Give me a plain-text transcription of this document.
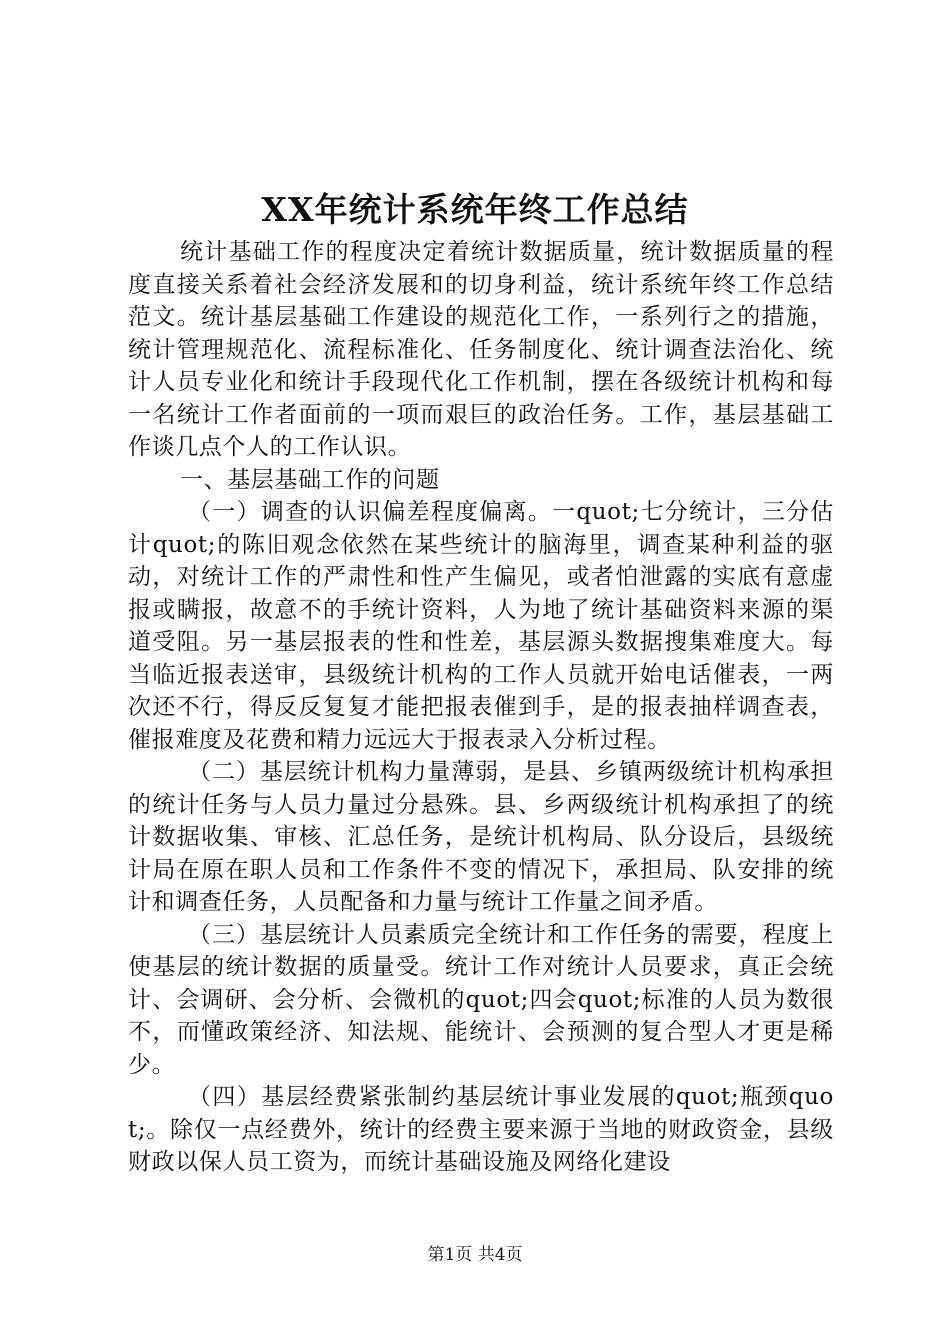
XX年统计系统年终工作总结

统计基础工作的程度决定着统计数据质量，统计数据质量的程度直接关系着社会经济发展和的切身利益，统计系统年终工作总结范文。统计基层基础工作建设的规范化工作，一系列行之的措施，统计管理规范化、流程标准化、任务制度化、统计调查法治化、统计人员专业化和统计手段现代化工作机制，摆在各级统计机构和每一名统计工作者面前的一项而艰巨的政治任务。工作，基层基础工作谈几点个人的工作认识。

一、基层基础工作的问题

（一）调查的认识偏差程度偏离。一quot;七分统计，三分估计quot;的陈旧观念依然在某些统计的脑海里，调查某种利益的驱动，对统计工作的严肃性和性产生偏见，或者怕泄露的实底有意虚报或瞒报，故意不的手统计资料，人为地了统计基础资料来源的渠道受阻。另一基层报表的性和性差，基层源头数据搜集难度大。每当临近报表送审，县级统计机构的工作人员就开始电话催表，一两次还不行，得反反复复才能把报表催到手，是的报表抽样调查表，催报难度及花费和精力远远大于报表录入分析过程。

（二）基层统计机构力量薄弱，是县、乡镇两级统计机构承担的统计任务与人员力量过分悬殊。县、乡两级统计机构承担了的统计数据收集、审核、汇总任务，是统计机构局、队分设后，县级统计局在原在职人员和工作条件不变的情况下，承担局、队安排的统计和调查任务，人员配备和力量与统计工作量之间矛盾。

（三）基层统计人员素质完全统计和工作任务的需要，程度上使基层的统计数据的质量受。统计工作对统计人员要求，真正会统计、会调研、会分析、会微机的quot;四会quot;标准的人员为数很不，而懂政策经济、知法规、能统计、会预测的复合型人才更是稀少。

（四）基层经费紧张制约基层统计事业发展的quot;瓶颈quot;。除仅一点经费外，统计的经费主要来源于当地的财政资金，县级财政以保人员工资为，而统计基础设施及网络化建设

第1页 共4页
